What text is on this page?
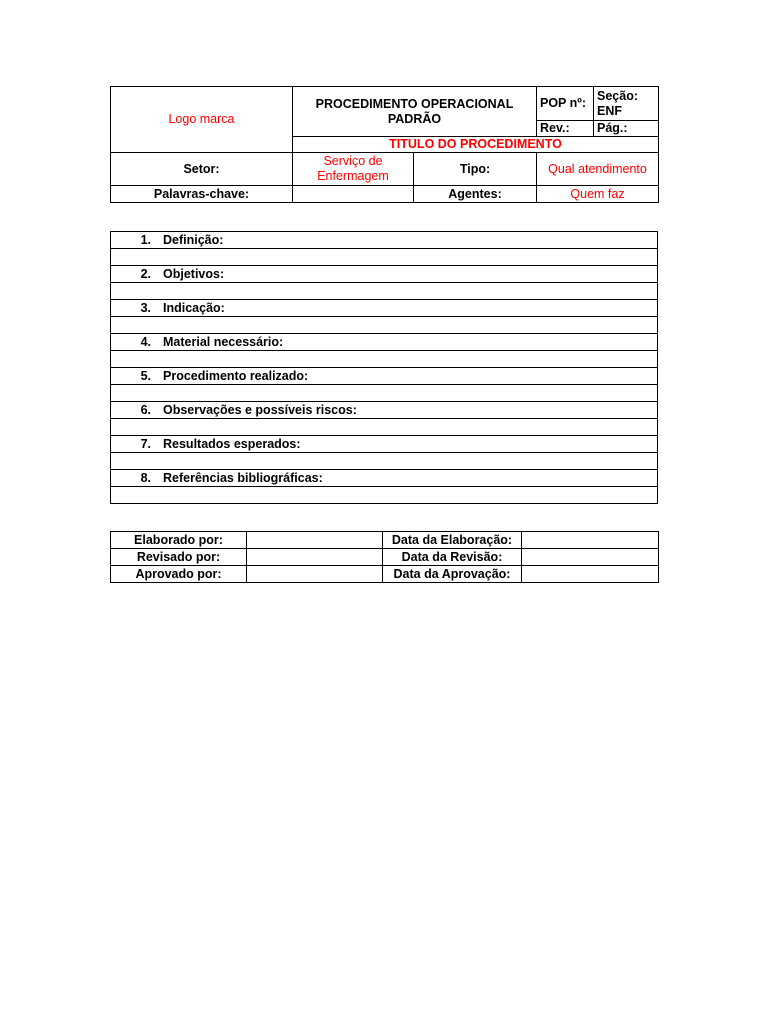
Logo marca	PROCEDIMENTO OPERACIONAL PADRÃO		POP nº:	Seção: ENF
			Rev.:	Pág.:
	TITULO DO PROCEDIMENTO			
Setor:	Serviço de Enfermagem	Tipo:	Qual atendimento	
Palavras-chave:		Agentes:	Quem faz	
1. Definição:

2. Objetivos:

3. Indicação:

4. Material necessário:

5. Procedimento realizado:

6. Observações e possíveis riscos:

7. Resultados esperados:

8. Referências bibliográficas:

Elaborado por:		Data da Elaboração:	
Revisado por:		Data da Revisão:	
Aprovado por:		Data da Aprovação:	
